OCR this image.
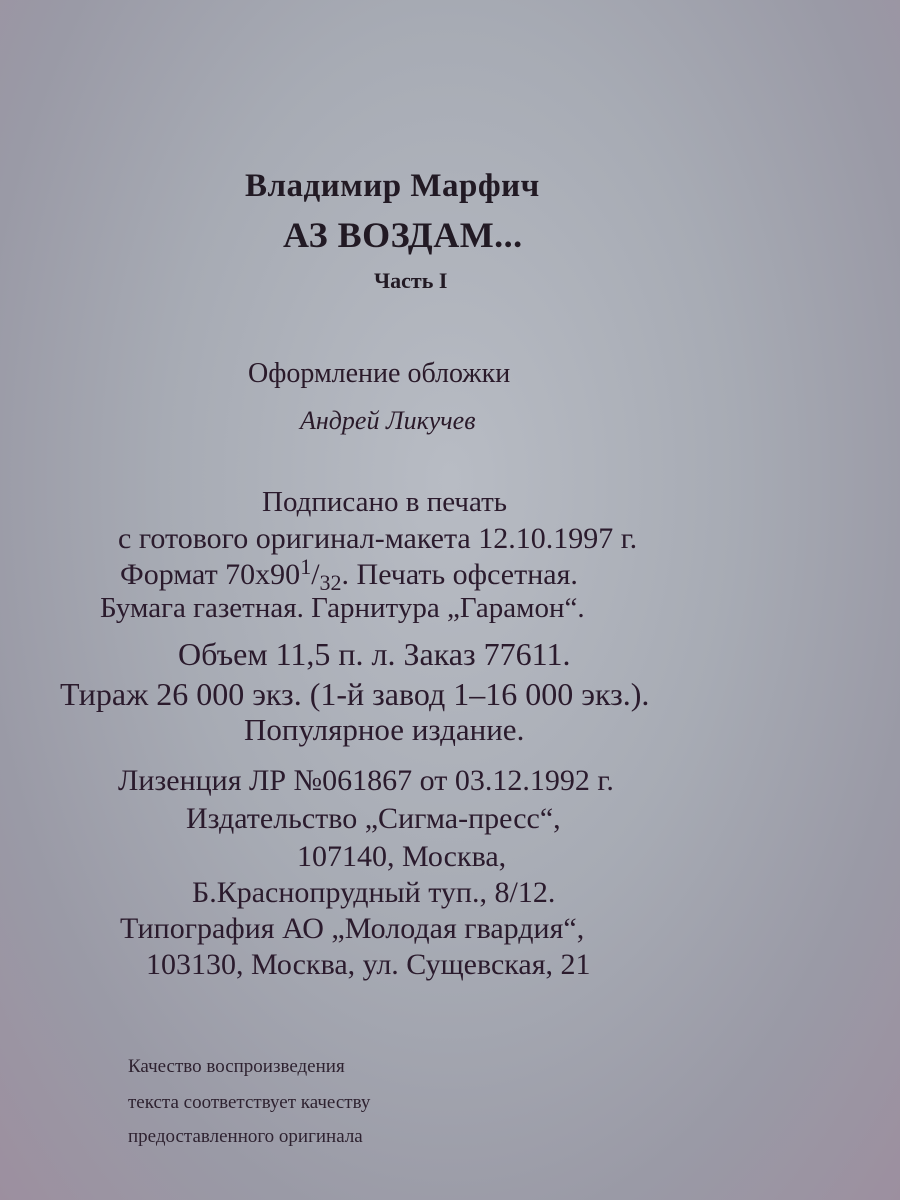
Владимир Марфич
АЗ ВОЗДАМ...
Часть I
Оформление обложки
Андрей Ликучев
Подписано в печать
с готового оригинал-макета 12.10.1997 г.
Формат $70x90^1/_{32}$. Печать офсетная.
Бумага газетная. Гарнитура „Гарамон“.
Объем 11,5 п. л. Заказ 77611.
Тираж 26 000 экз. (1-й завод 1–16 000 экз.).
Популярное издание.
Лизенция ЛР №061867 от 03.12.1992 г.
Издательство „Сигма-пресс“,
107140, Москва,
Б.Краснопрудный туп., 8/12.
Типография АО „Молодая гвардия“,
103130, Москва, ул. Сущевская, 21
Качество воспроизведения
текста соответствует качеству
предоставленного оригинала
